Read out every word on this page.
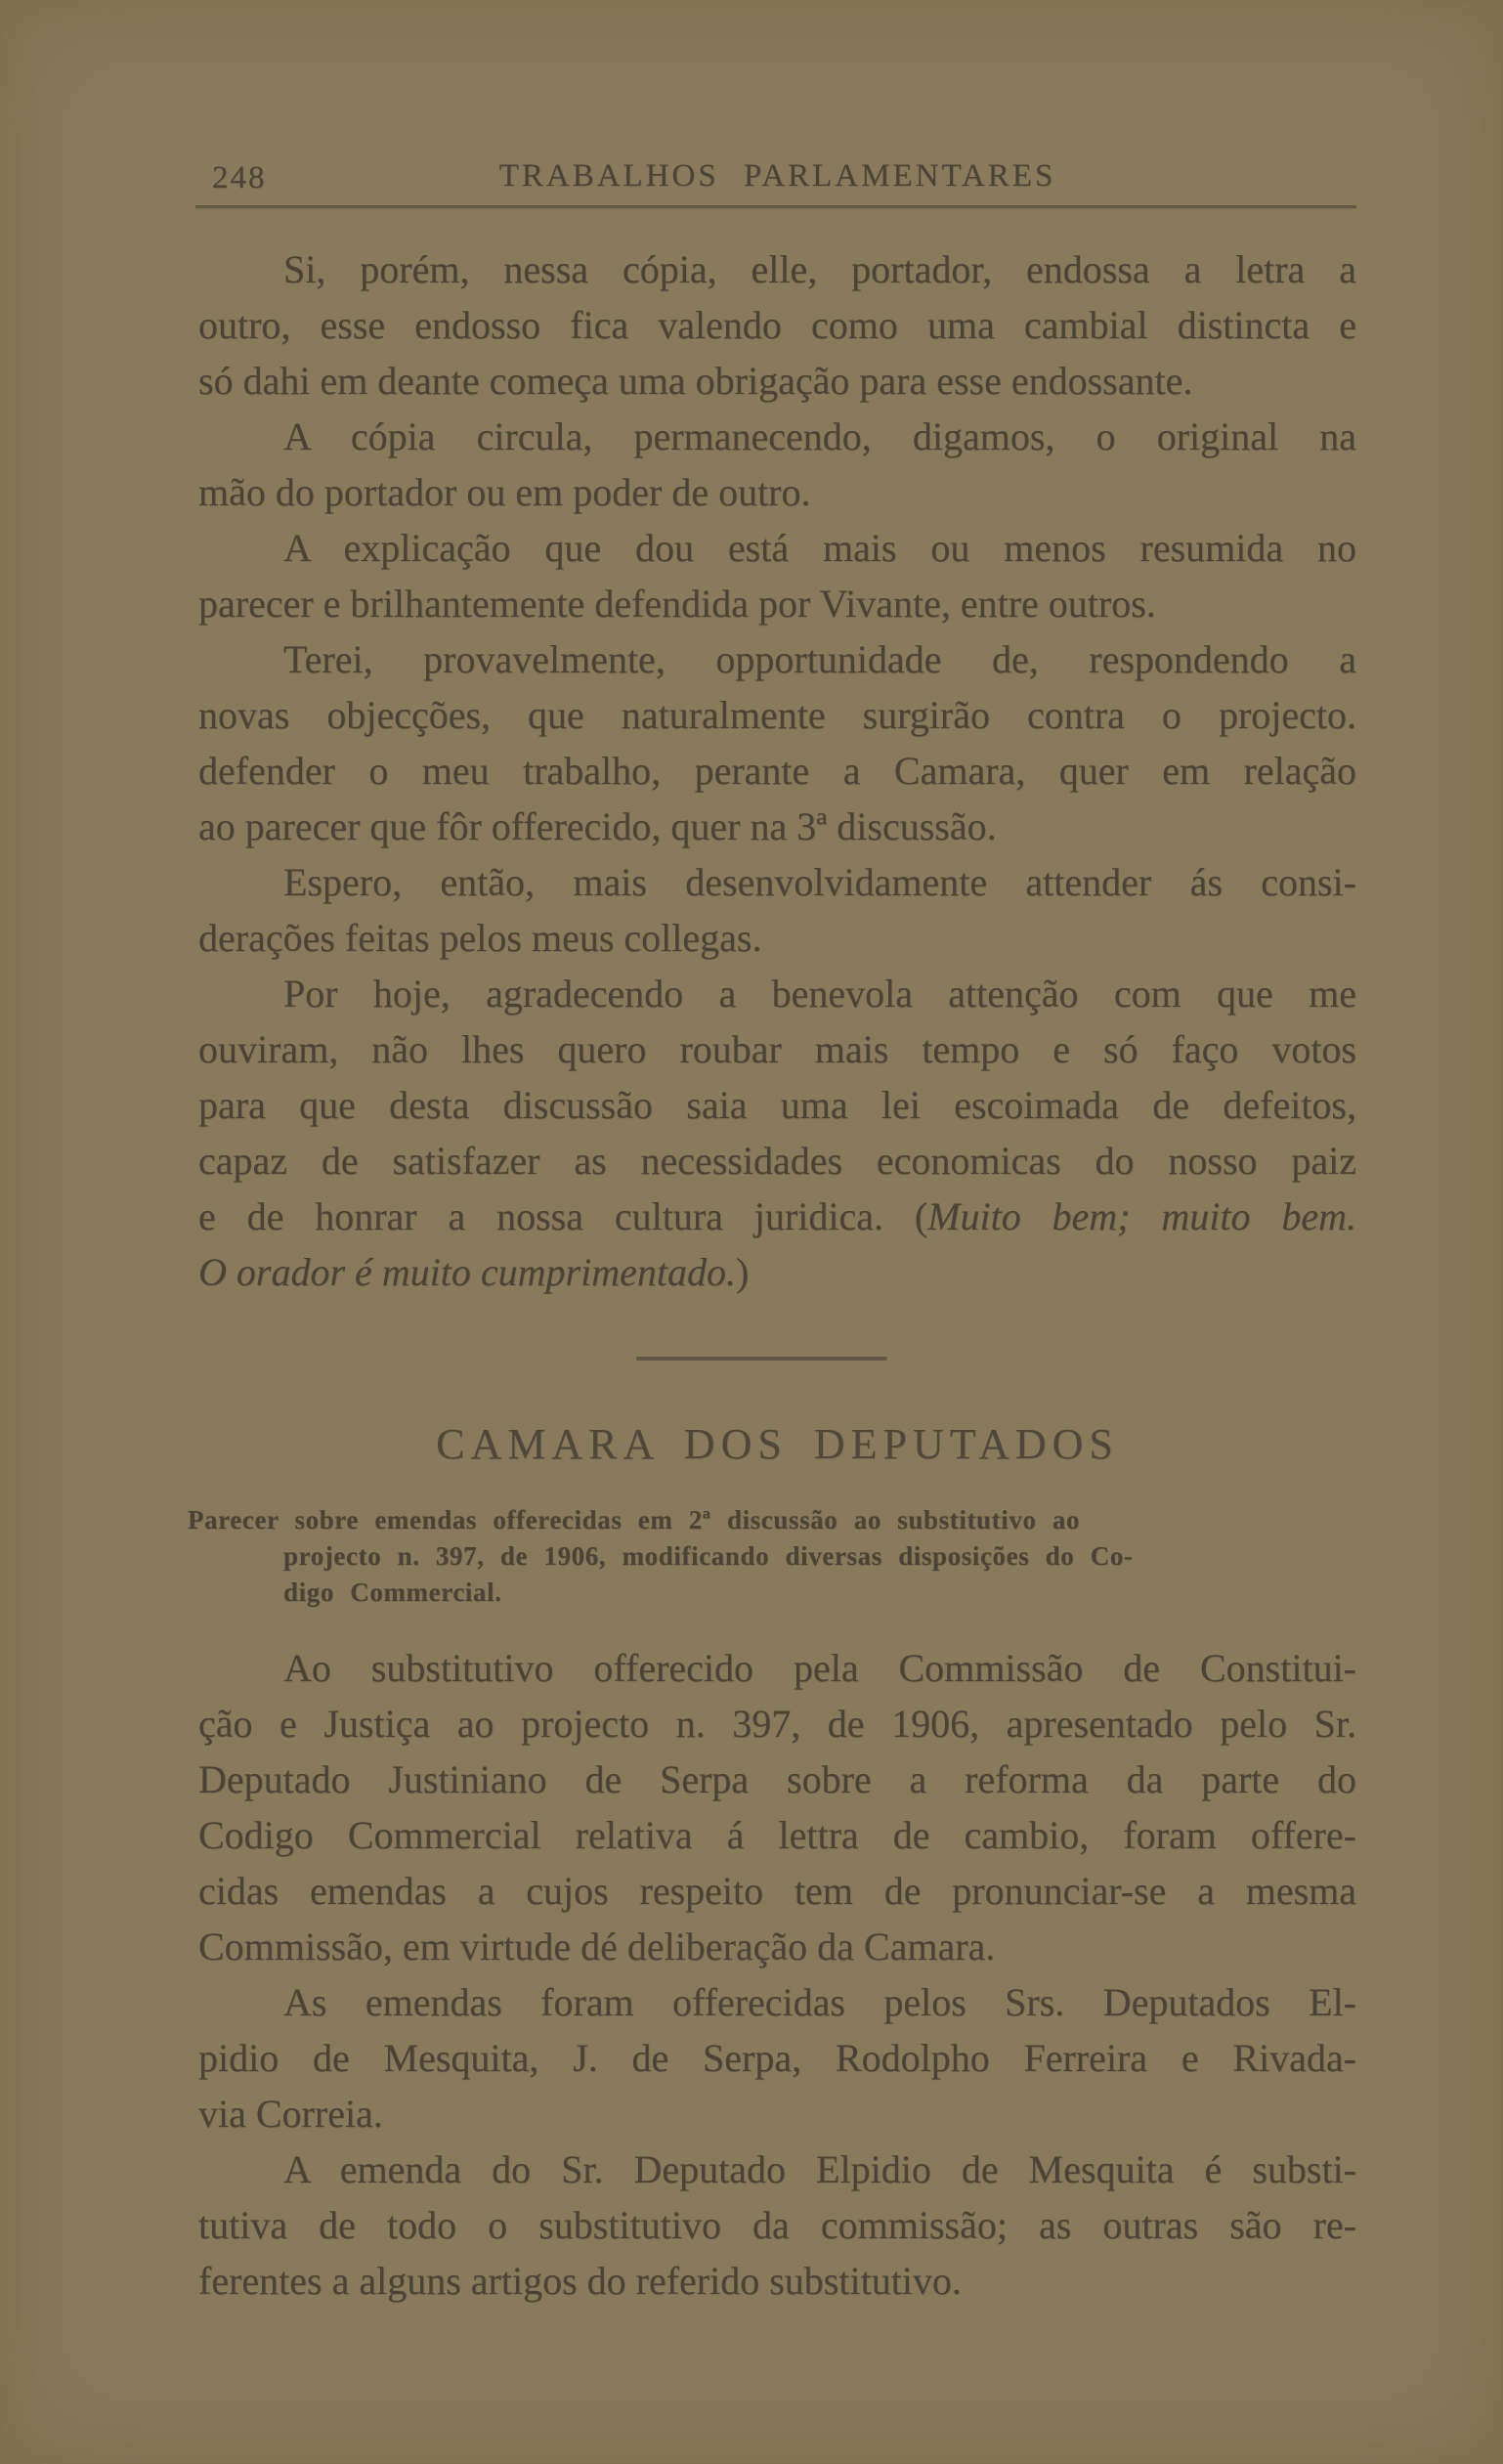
248	TRABALHOS PARLAMENTARES
Si, porém, nessa cópia, elle, portador, endossa a letra a
outro, esse endosso fica valendo como uma cambial distincta e
só dahi em deante começa uma obrigação para esse endossante.
A cópia circula, permanecendo, digamos, o original na
mão do portador ou em poder de outro.
A explicação que dou está mais ou menos resumida no
parecer e brilhantemente defendida por Vivante, entre outros.
Terei, provavelmente, opportunidade de, respondendo a
novas objecções, que naturalmente surgirão contra o projecto.
defender o meu trabalho, perante a Camara, quer em relação
ao parecer que fôr offerecido, quer na 3ª discussão.
Espero, então, mais desenvolvidamente attender ás consi-
derações feitas pelos meus collegas.
Por hoje, agradecendo a benevola attenção com que me
ouviram, não lhes quero roubar mais tempo e só faço votos
para que desta discussão saia uma lei escoimada de defeitos,
capaz de satisfazer as necessidades economicas do nosso paiz
e de honrar a nossa cultura juridica. (Muito bem; muito bem.
O orador é muito cumprimentado.)
CAMARA DOS DEPUTADOS
Parecer sobre emendas offerecidas em 2ª discussão ao substitutivo ao
projecto n. 397, de 1906, modificando diversas disposições do Co-
digo Commercial.
Ao substitutivo offerecido pela Commissão de Constitui-
ção e Justiça ao projecto n. 397, de 1906, apresentado pelo Sr.
Deputado Justiniano de Serpa sobre a reforma da parte do
Codigo Commercial relativa á lettra de cambio, foram offere-
cidas emendas a cujos respeito tem de pronunciar-se a mesma
Commissão, em virtude dé deliberação da Camara.
As emendas foram offerecidas pelos Srs. Deputados El-
pidio de Mesquita, J. de Serpa, Rodolpho Ferreira e Rivada-
via Correia.
A emenda do Sr. Deputado Elpidio de Mesquita é substi-
tutiva de todo o substitutivo da commissão; as outras são re-
ferentes a alguns artigos do referido substitutivo.
